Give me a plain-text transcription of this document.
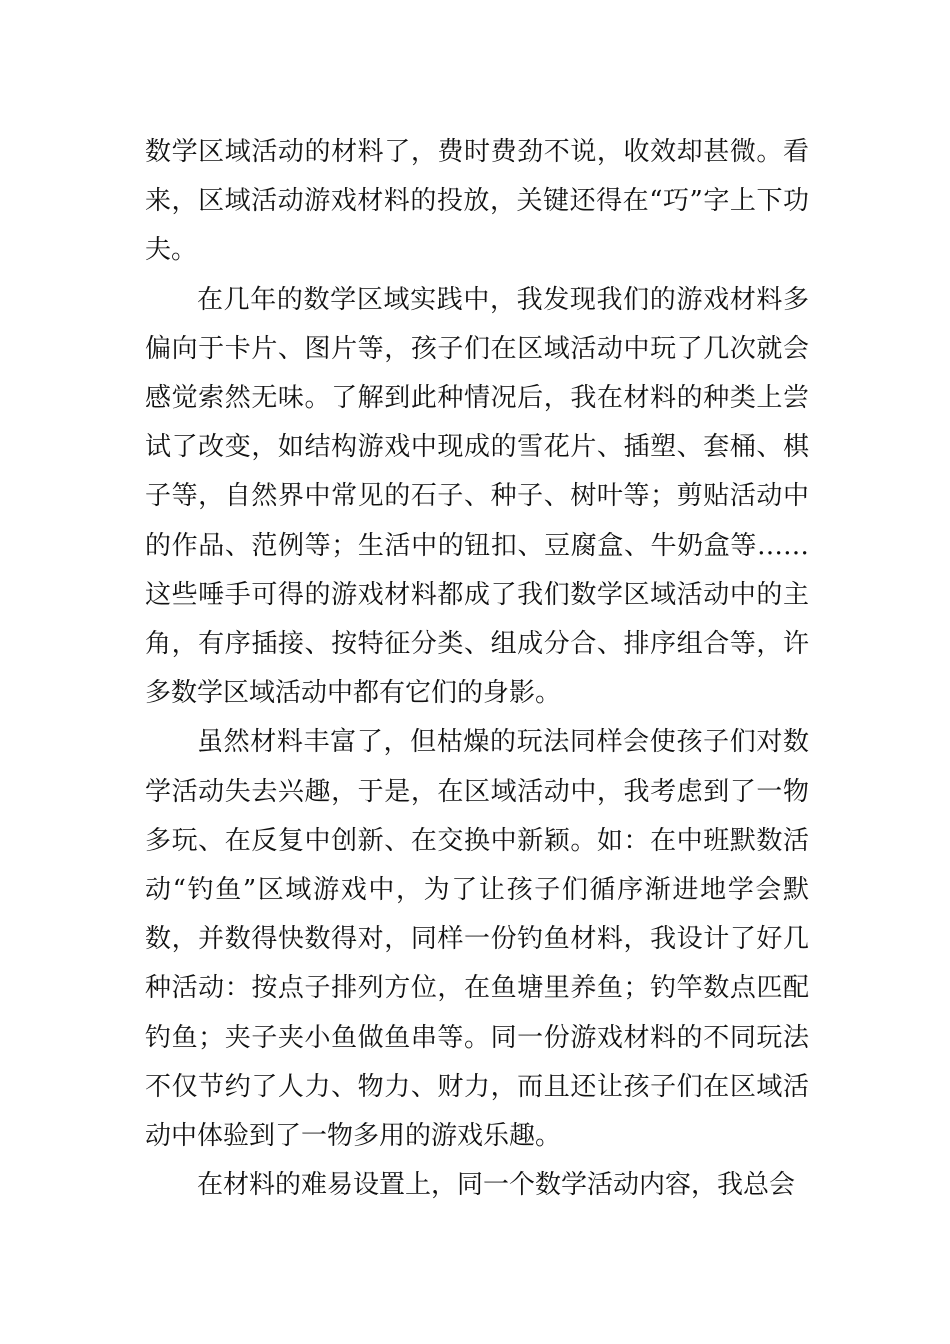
数学区域活动的材料了，费时费劲不说，收效却甚微。看来，区域活动游戏材料的投放，关键还得在“巧”字上下功夫。

在几年的数学区域实践中，我发现我们的游戏材料多偏向于卡片、图片等，孩子们在区域活动中玩了几次就会感觉索然无味。了解到此种情况后，我在材料的种类上尝试了改变，如结构游戏中现成的雪花片、插塑、套桶、棋子等，自然界中常见的石子、种子、树叶等；剪贴活动中的作品、范例等；生活中的钮扣、豆腐盒、牛奶盒等……这些唾手可得的游戏材料都成了我们数学区域活动中的主角，有序插接、按特征分类、组成分合、排序组合等，许多数学区域活动中都有它们的身影。

虽然材料丰富了，但枯燥的玩法同样会使孩子们对数学活动失去兴趣，于是，在区域活动中，我考虑到了一物多玩、在反复中创新、在交换中新颖。如：在中班默数活动“钓鱼”区域游戏中，为了让孩子们循序渐进地学会默数，并数得快数得对，同样一份钓鱼材料，我设计了好几种活动：按点子排列方位，在鱼塘里养鱼；钓竿数点匹配钓鱼；夹子夹小鱼做鱼串等。同一份游戏材料的不同玩法不仅节约了人力、物力、财力，而且还让孩子们在区域活动中体验到了一物多用的游戏乐趣。

在材料的难易设置上，同一个数学活动内容，我总会
